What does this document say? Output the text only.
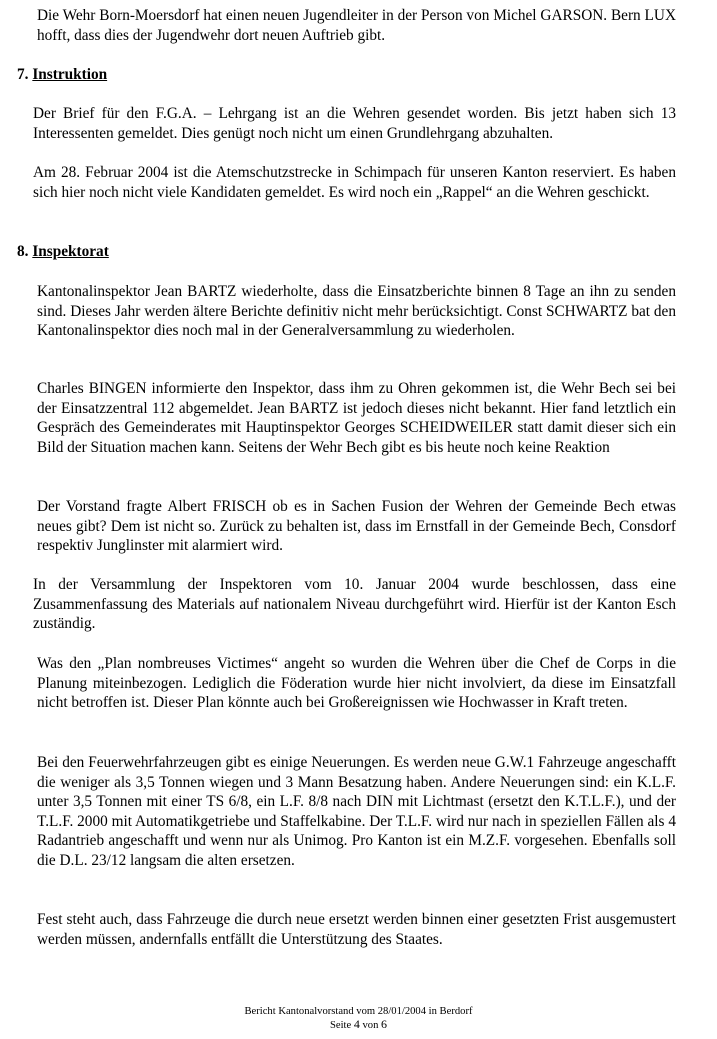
Die Wehr Born-Moersdorf hat einen neuen Jugendleiter in der Person von Michel GARSON. Bern LUX hofft, dass dies der Jugendwehr dort neuen Auftrieb gibt.

7. Instruktion

Der Brief für den F.G.A. – Lehrgang ist an die Wehren gesendet worden. Bis jetzt haben sich 13 Interessenten gemeldet. Dies genügt noch nicht um einen Grundlehrgang abzuhalten.

Am 28. Februar 2004 ist die Atemschutzstrecke in Schimpach für unseren Kanton reserviert. Es haben sich hier noch nicht viele Kandidaten gemeldet. Es wird noch ein „Rappel“ an die Wehren geschickt.

8. Inspektorat

Kantonalinspektor Jean BARTZ wiederholte, dass die Einsatzberichte binnen 8 Tage an ihn zu senden sind. Dieses Jahr werden ältere Berichte definitiv nicht mehr berücksichtigt. Const SCHWARTZ bat den Kantonalinspektor dies noch mal in der Generalversammlung zu wiederholen.

Charles BINGEN informierte den Inspektor, dass ihm zu Ohren gekommen ist, die Wehr Bech sei bei der Einsatzzentral 112 abgemeldet. Jean BARTZ ist jedoch dieses nicht bekannt. Hier fand letztlich ein Gespräch des Gemeinderates mit Hauptinspektor Georges SCHEIDWEILER statt damit dieser sich ein Bild der Situation machen kann. Seitens der Wehr Bech gibt es bis heute noch keine Reaktion

Der Vorstand fragte Albert FRISCH ob es in Sachen Fusion der Wehren der Gemeinde Bech etwas neues gibt? Dem ist nicht so. Zurück zu behalten ist, dass im Ernstfall in der Gemeinde Bech, Consdorf respektiv Junglinster mit alarmiert wird.

In der Versammlung der Inspektoren vom 10. Januar 2004 wurde beschlossen, dass eine Zusammenfassung des Materials auf nationalem Niveau durchgeführt wird. Hierfür ist der Kanton Esch zuständig.

Was den „Plan nombreuses Victimes“ angeht so wurden die Wehren über die Chef de Corps in die Planung miteinbezogen. Lediglich die Föderation wurde hier nicht involviert, da diese im Einsatzfall nicht betroffen ist. Dieser Plan könnte auch bei Großereignissen wie Hochwasser in Kraft treten.

Bei den Feuerwehrfahrzeugen gibt es einige Neuerungen. Es werden neue G.W.1 Fahrzeuge angeschafft die weniger als 3,5 Tonnen wiegen und 3 Mann Besatzung haben. Andere Neuerungen sind: ein K.L.F. unter 3,5 Tonnen mit einer TS 6/8, ein L.F. 8/8 nach DIN mit Lichtmast (ersetzt den K.T.L.F.), und der T.L.F. 2000 mit Automatikgetriebe und Staffelkabine. Der T.L.F. wird nur nach in speziellen Fällen als 4 Radantrieb angeschafft und wenn nur als Unimog. Pro Kanton ist ein M.Z.F. vorgesehen. Ebenfalls soll die D.L. 23/12 langsam die alten ersetzen.

Fest steht auch, dass Fahrzeuge die durch neue ersetzt werden binnen einer gesetzten Frist ausgemustert werden müssen, andernfalls entfällt die Unterstützung des Staates.

Bericht Kantonalvorstand vom 28/01/2004 in Berdorf
Seite 4 von 6
